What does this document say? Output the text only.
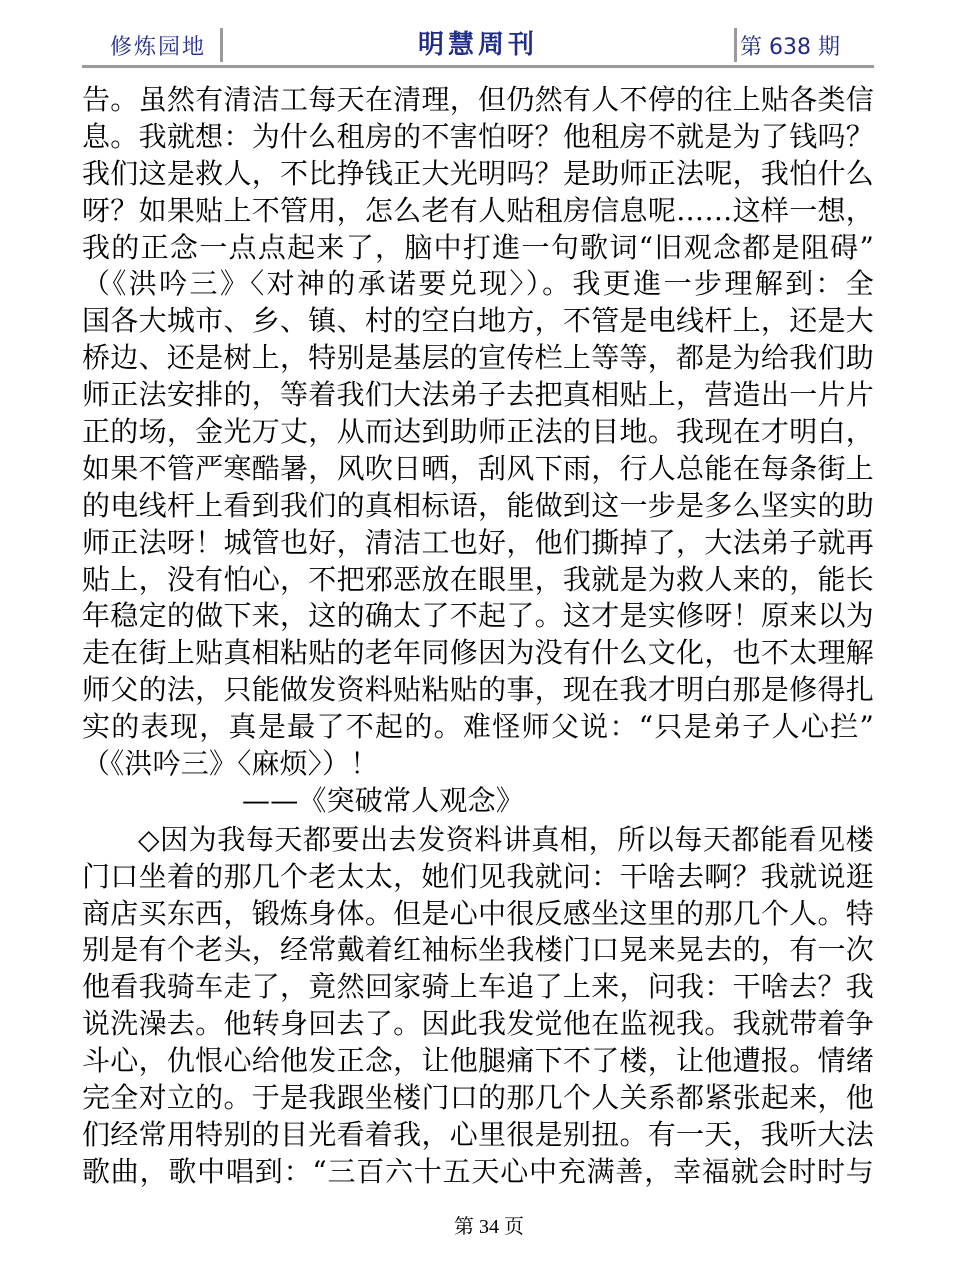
修炼园地	明慧周刊	第 638 期
告。虽然有清洁工每天在清理，但仍然有人不停的往上贴各类信
息。我就想：为什么租房的不害怕呀？他租房不就是为了钱吗？
我们这是救人，不比挣钱正大光明吗？是助师正法呢，我怕什么
呀？如果贴上不管用，怎么老有人贴租房信息呢……这样一想，
我的正念一点点起来了，脑中打進一句歌词“旧观念都是阻碍”
（《洪吟三》〈对神的承诺要兑现〉）。我更進一步理解到：全
国各大城市、乡、镇、村的空白地方，不管是电线杆上，还是大
桥边、还是树上，特别是基层的宣传栏上等等，都是为给我们助
师正法安排的，等着我们大法弟子去把真相贴上，营造出一片片
正的场，金光万丈，从而达到助师正法的目地。我现在才明白，
如果不管严寒酷暑，风吹日晒，刮风下雨，行人总能在每条街上
的电线杆上看到我们的真相标语，能做到这一步是多么坚实的助
师正法呀！城管也好，清洁工也好，他们撕掉了，大法弟子就再
贴上，没有怕心，不把邪恶放在眼里，我就是为救人来的，能长
年稳定的做下来，这的确太了不起了。这才是实修呀！原来以为
走在街上贴真相粘贴的老年同修因为没有什么文化，也不太理解
师父的法，只能做发资料贴粘贴的事，现在我才明白那是修得扎
实的表现，真是最了不起的。难怪师父说：“只是弟子人心拦”
（《洪吟三》〈麻烦〉）！
——《突破常人观念》
◇因为我每天都要出去发资料讲真相，所以每天都能看见楼
门口坐着的那几个老太太，她们见我就问：干啥去啊？我就说逛
商店买东西，锻炼身体。但是心中很反感坐这里的那几个人。特
别是有个老头，经常戴着红袖标坐我楼门口晃来晃去的，有一次
他看我骑车走了，竟然回家骑上车追了上来，问我：干啥去？我
说洗澡去。他转身回去了。因此我发觉他在监视我。我就带着争
斗心，仇恨心给他发正念，让他腿痛下不了楼，让他遭报。情绪
完全对立的。于是我跟坐楼门口的那几个人关系都紧张起来，他
们经常用特别的目光看着我，心里很是别扭。有一天，我听大法
歌曲，歌中唱到：“三百六十五天心中充满善，幸福就会时时与
第 34 页
